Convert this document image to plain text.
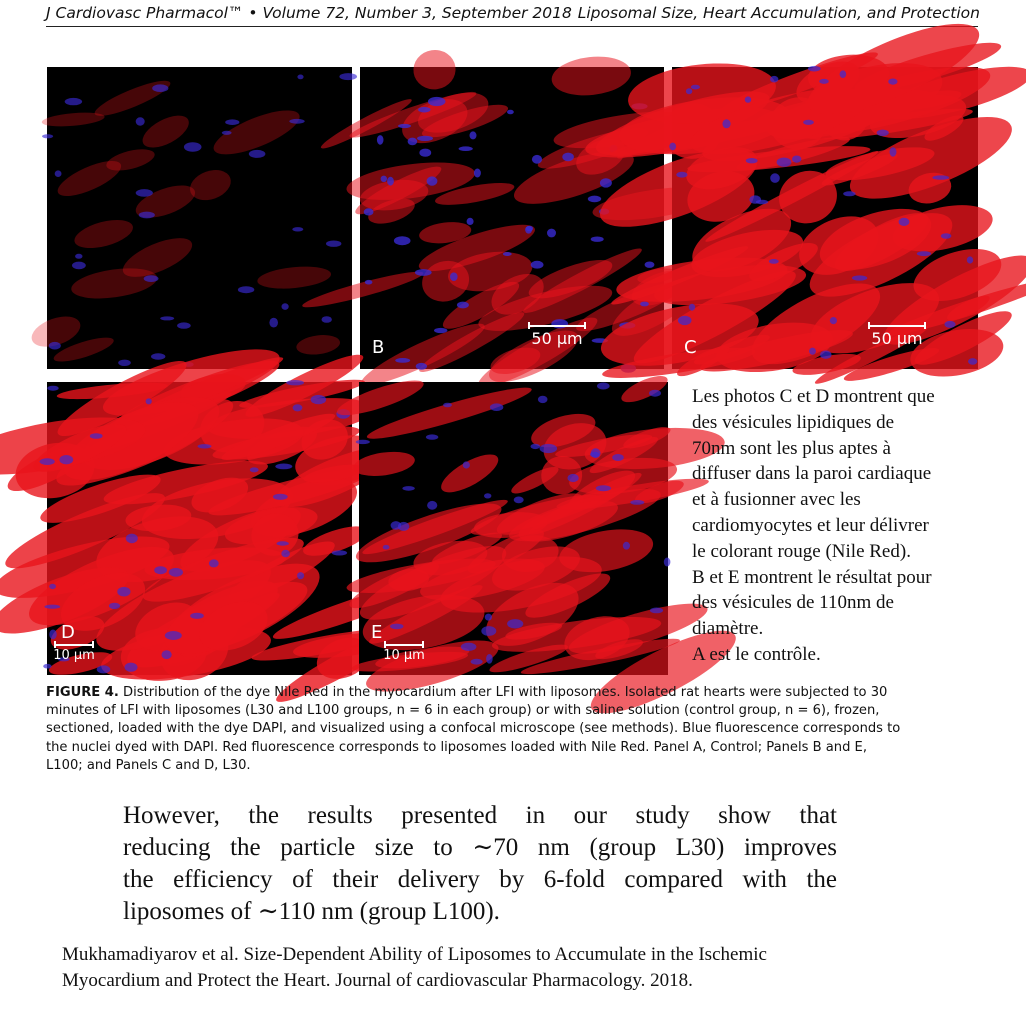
J Cardiovasc Pharmacol™ • Volume 72, Number 3, September 2018 Liposomal Size, Heart Accumulation, and Protection
B	50 μm	C	50 μm
D
10 μm
E
10 μm
FIGURE 4. Distribution of the dye Nile Red in the myocardium after LFI with liposomes. Isolated rat hearts were subjected to 30
minutes of LFI with liposomes (L30 and L100 groups, n = 6 in each group) or with saline solution (control group, n = 6), frozen,
sectioned, loaded with the dye DAPI, and visualized using a confocal microscope (see methods). Blue fluorescence corresponds to
the nuclei dyed with DAPI. Red fluorescence corresponds to liposomes loaded with Nile Red. Panel A, Control; Panels B and E,
L100; and Panels C and D, L30.
Les photos C et D montrent que
des vésicules lipidiques de
70nm sont les plus aptes à
diffuser dans la paroi cardiaque
et à fusionner avec les
cardiomyocytes et leur délivrer
le colorant rouge (Nile Red).
B et E montrent le résultat pour
des vésicules de 110nm de
diamètre.
A est le contrôle.
However, the results presented in our study show that
reducing the particle size to ∼70 nm (group L30) improves
the efficiency of their delivery by 6-fold compared with the
liposomes of ∼110 nm (group L100).
Mukhamadiyarov et al. Size-Dependent Ability of Liposomes to Accumulate in the Ischemic
Myocardium and Protect the Heart. Journal of cardiovascular Pharmacology. 2018.
